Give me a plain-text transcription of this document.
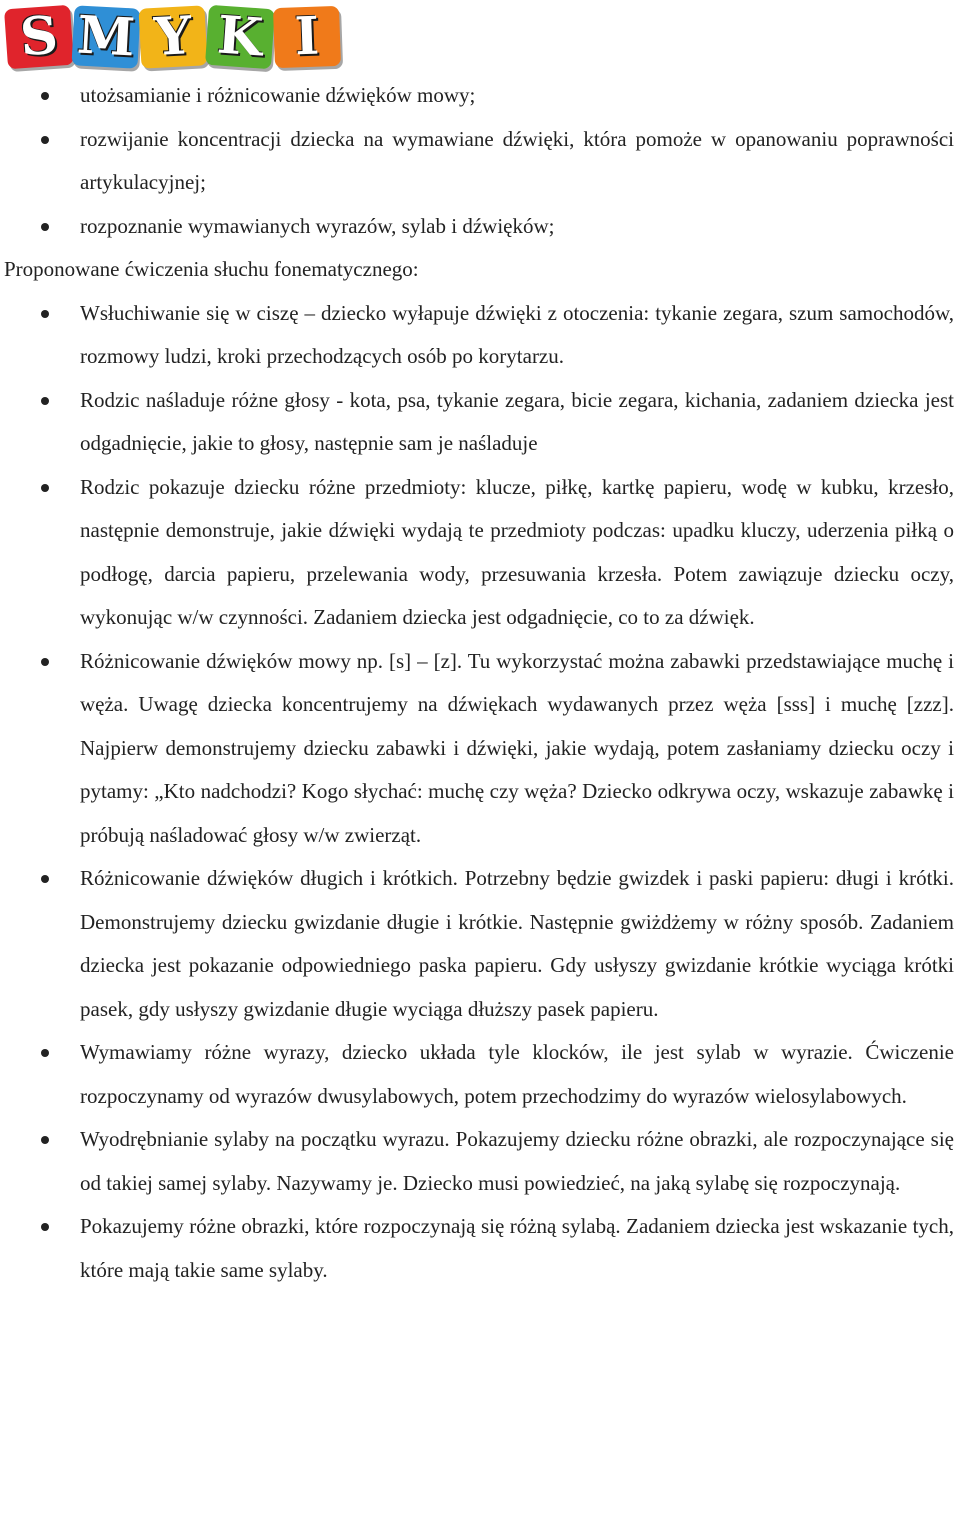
S M Y K I
utożsamianie i różnicowanie dźwięków mowy;
rozwijanie koncentracji dziecka na wymawiane dźwięki, która pomoże w opanowaniu poprawności artykulacyjnej;
rozpoznanie wymawianych wyrazów, sylab i dźwięków;

Proponowane ćwiczenia słuchu fonematycznego:

Wsłuchiwanie się w ciszę – dziecko wyłapuje dźwięki z otoczenia: tykanie zegara, szum samochodów, rozmowy ludzi, kroki przechodzących osób po korytarzu.
Rodzic naśladuje różne głosy - kota, psa, tykanie zegara, bicie zegara, kichania, zadaniem dziecka jest odgadnięcie, jakie to głosy, następnie sam je naśladuje
Rodzic pokazuje dziecku różne przedmioty: klucze, piłkę, kartkę papieru, wodę w kubku, krzesło, następnie demonstruje, jakie dźwięki wydają te przedmioty podczas: upadku kluczy, uderzenia piłką o podłogę, darcia papieru, przelewania wody, przesuwania krzesła. Potem zawiązuje dziecku oczy, wykonując w/w czynności. Zadaniem dziecka jest odgadnięcie, co to za dźwięk.
Różnicowanie dźwięków mowy np. [s] – [z]. Tu wykorzystać można zabawki przedstawiające muchę i węża. Uwagę dziecka koncentrujemy na dźwiękach wydawanych przez węża [sss] i muchę [zzz]. Najpierw demonstrujemy dziecku zabawki i dźwięki, jakie wydają, potem zasłaniamy dziecku oczy i pytamy: „Kto nadchodzi? Kogo słychać: muchę czy węża? Dziecko odkrywa oczy, wskazuje zabawkę i próbują naśladować głosy w/w zwierząt.
Różnicowanie dźwięków długich i krótkich. Potrzebny będzie gwizdek i paski papieru: długi i krótki. Demonstrujemy dziecku gwizdanie długie i krótkie. Następnie gwiżdżemy w różny sposób. Zadaniem dziecka jest pokazanie odpowiedniego paska papieru. Gdy usłyszy gwizdanie krótkie wyciąga krótki pasek, gdy usłyszy gwizdanie długie wyciąga dłuższy pasek papieru.
Wymawiamy różne wyrazy, dziecko układa tyle klocków, ile jest sylab w wyrazie. Ćwiczenie rozpoczynamy od wyrazów dwusylabowych, potem przechodzimy do wyrazów wielosylabowych.
Wyodrębnianie sylaby na początku wyrazu. Pokazujemy dziecku różne obrazki, ale rozpoczynające się od takiej samej sylaby. Nazywamy je. Dziecko musi powiedzieć, na jaką sylabę się rozpoczynają.
Pokazujemy różne obrazki, które rozpoczynają się różną sylabą. Zadaniem dziecka jest wskazanie tych, które mają takie same sylaby.
